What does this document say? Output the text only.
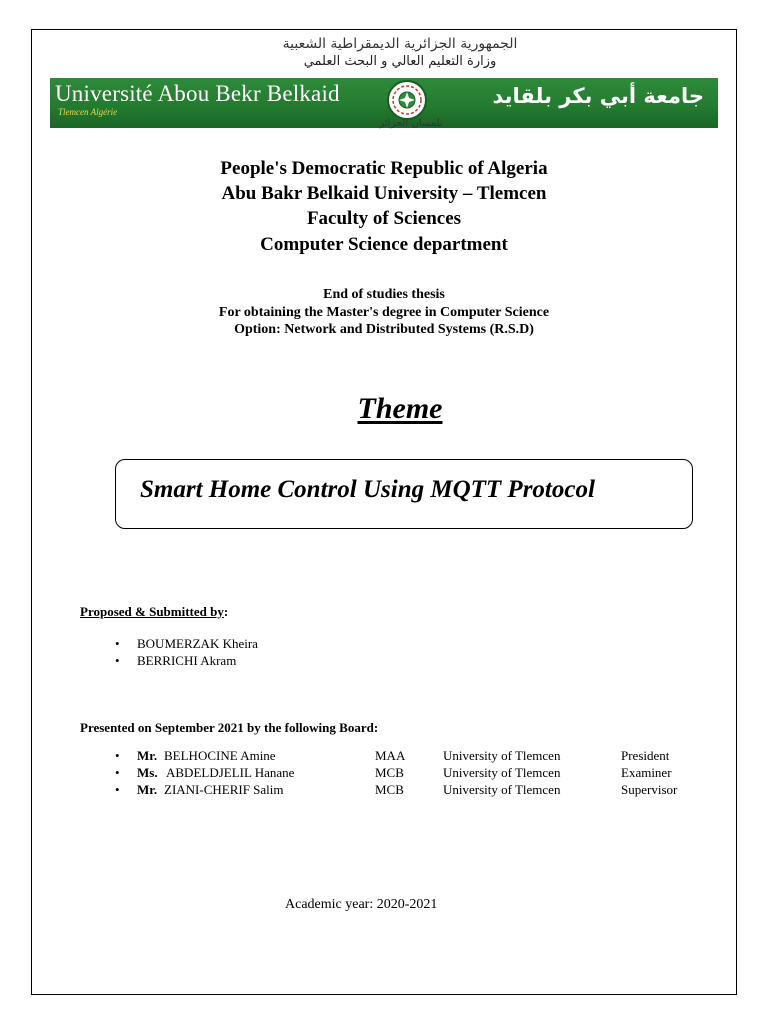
الجمهورية الجزائرية الديمقراطية الشعبية
وزارة التعليم العالي و البحث العلمي
Université Abou Bekr Belkaid
Tlemcen Algérie
جامعة أبي بكر بلقايد
تلمسان الجزائر
People's Democratic Republic of Algeria
Abu Bakr Belkaid University – Tlemcen
Faculty of Sciences
Computer Science department
End of studies thesis
For obtaining the Master's degree in Computer Science
Option: Network and Distributed Systems (R.S.D)
Theme
Smart Home Control Using MQTT Protocol
Proposed & Submitted by:
• BOUMERZAK Kheira
• BERRICHI Akram
Presented on September 2021 by the following Board:
• Mr. BELHOCINE Amine	MAA	University of Tlemcen	President
• Ms. ABDELDJELIL Hanane	MCB	University of Tlemcen	Examiner
• Mr. ZIANI-CHERIF Salim	MCB	University of Tlemcen	Supervisor
Academic year: 2020-2021
